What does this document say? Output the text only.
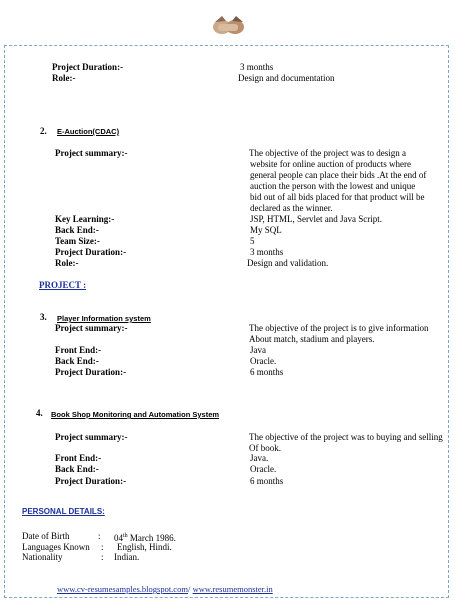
Project Duration:-	3 months
Role:-	Design and documentation
2. E-Auction(CDAC)
Project summary:-	The objective of the project was to design a
website for online auction of products where
general people can place their bids .At the end of
auction the person with the lowest and unique
bid out of all bids placed for that product will be
declared as the winner.
Key Learning:-	JSP, HTML, Servlet and Java Script.
Back End:-	My SQL
Team Size:-	5
Project Duration:-	3 months
Role:-	Design and validation.
PROJECT :
3. Player Information system
Project summary:-	The objective of the project is to give information
About match, stadium and players.
Front End:-	Java
Back End:-	Oracle.
Project Duration:-	6 months
4. Book Shop Monitoring and Automation System
Project summary:-	The objective of the project was to buying and selling
Of book.
Front End:-	Java.
Back End:-	Oracle.
Project Duration:-	6 months
PERSONAL DETAILS:
Date of Birth	: 04th March 1986.
Languages Known : English, Hindi.
Nationality	: Indian.
www.cv-resumesamples.blogspot.com/ www.resumemonster.in
